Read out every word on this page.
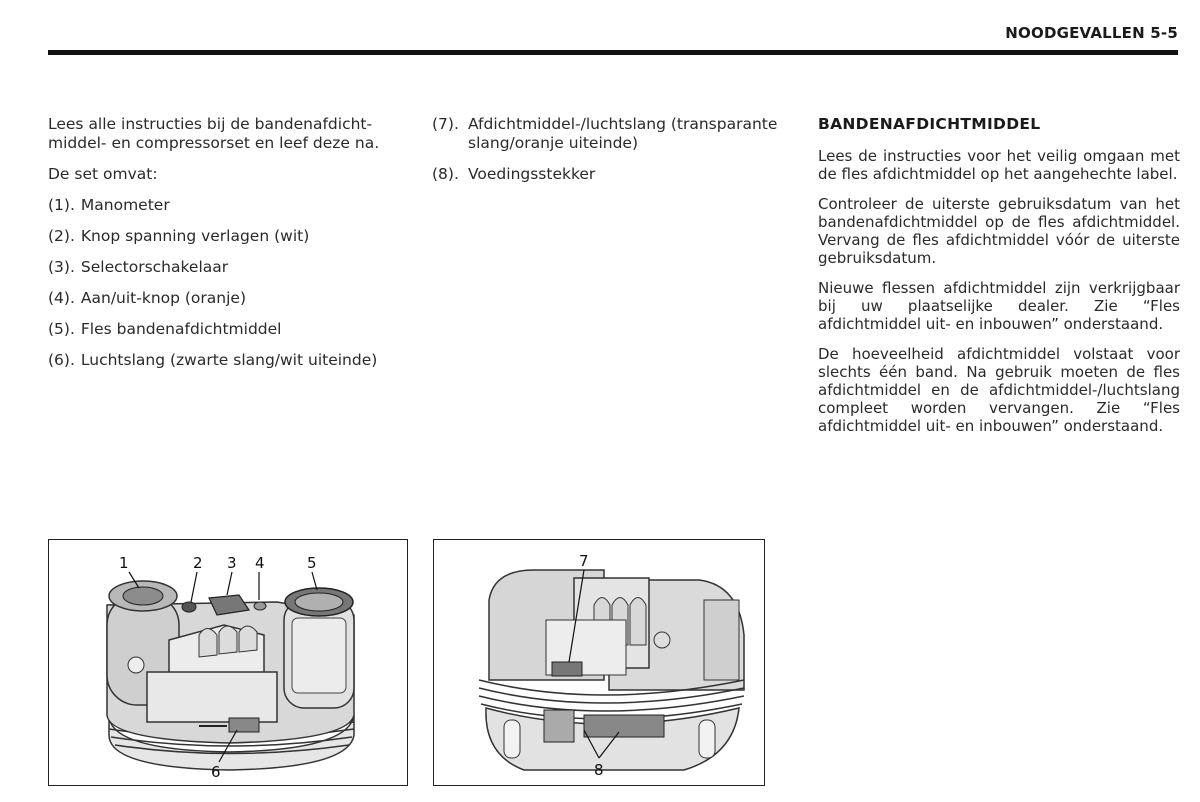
NOODGEVALLEN 5-5

Lees alle instructies bij de bandenafdicht-middel- en compressorset en leef deze na.

De set omvat:

(1). Manometer
(2). Knop spanning verlagen (wit)
(3). Selectorschakelaar
(4). Aan/uit-knop (oranje)
(5). Fles bandenafdichtmiddel
(6). Luchtslang (zwarte slang/wit uiteinde)
(7). Afdichtmiddel-/luchtslang (transparante slang/oranje uiteinde)
(8). Voedingsstekker
BANDENAFDICHTMIDDEL

Lees de instructies voor het veilig omgaan met de fles afdichtmiddel op het aangehechte label.

Controleer de uiterste gebruiksdatum van het bandenafdichtmiddel op de fles afdichtmiddel. Vervang de fles afdichtmiddel vóór de uiterste gebruiksdatum.

Nieuwe flessen afdichtmiddel zijn verkrijgbaar bij uw plaatselijke dealer. Zie “Fles afdichtmiddel uit- en inbouwen” onderstaand.

De hoeveelheid afdichtmiddel volstaat voor slechts één band. Na gebruik moeten de fles afdichtmiddel en de afdichtmiddel-/luchtslang compleet worden vervangen. Zie “Fles afdichtmiddel uit- en inbouwen” onderstaand.

1	2 3 4	5
6
7
8
